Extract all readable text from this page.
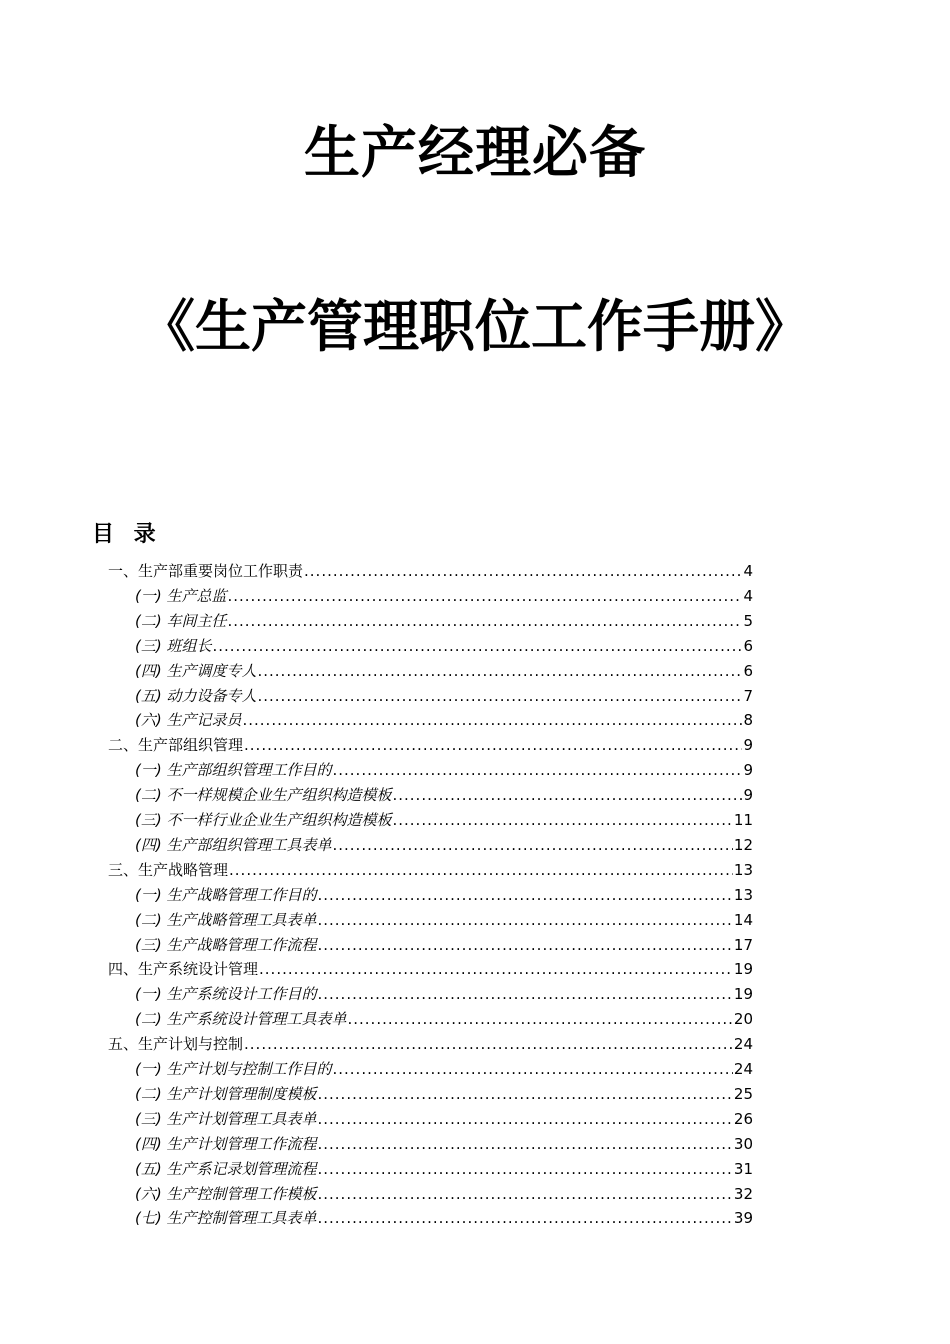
生产经理必备
《生产管理职位工作手册》
目 录
一、生产部重要岗位工作职责 .....	4
(一) 生产总监 .....	4
(二) 车间主任 .....	5
(三) 班组长 .....	6
(四) 生产调度专人 .....	6
(五) 动力设备专人 .....	7
(六) 生产记录员 .....	8
二、生产部组织管理 .....	9
(一) 生产部组织管理工作目的 .....	9
(二) 不一样规模企业生产组织构造模板 .....	9
(三) 不一样行业企业生产组织构造模板 .....	11
(四) 生产部组织管理工具表单 .....	12
三、生产战略管理 .....	13
(一) 生产战略管理工作目的 .....	13
(二) 生产战略管理工具表单 .....	14
(三) 生产战略管理工作流程 .....	17
四、生产系统设计管理 .....	19
(一) 生产系统设计工作目的 .....	19
(二) 生产系统设计管理工具表单 .....	20
五、生产计划与控制 .....	24
(一) 生产计划与控制工作目的 .....	24
(二) 生产计划管理制度模板 .....	25
(三) 生产计划管理工具表单 .....	26
(四) 生产计划管理工作流程 .....	30
(五) 生产系记录划管理流程 .....	31
(六) 生产控制管理工作模板 .....	32
(七) 生产控制管理工具表单 .....	39
